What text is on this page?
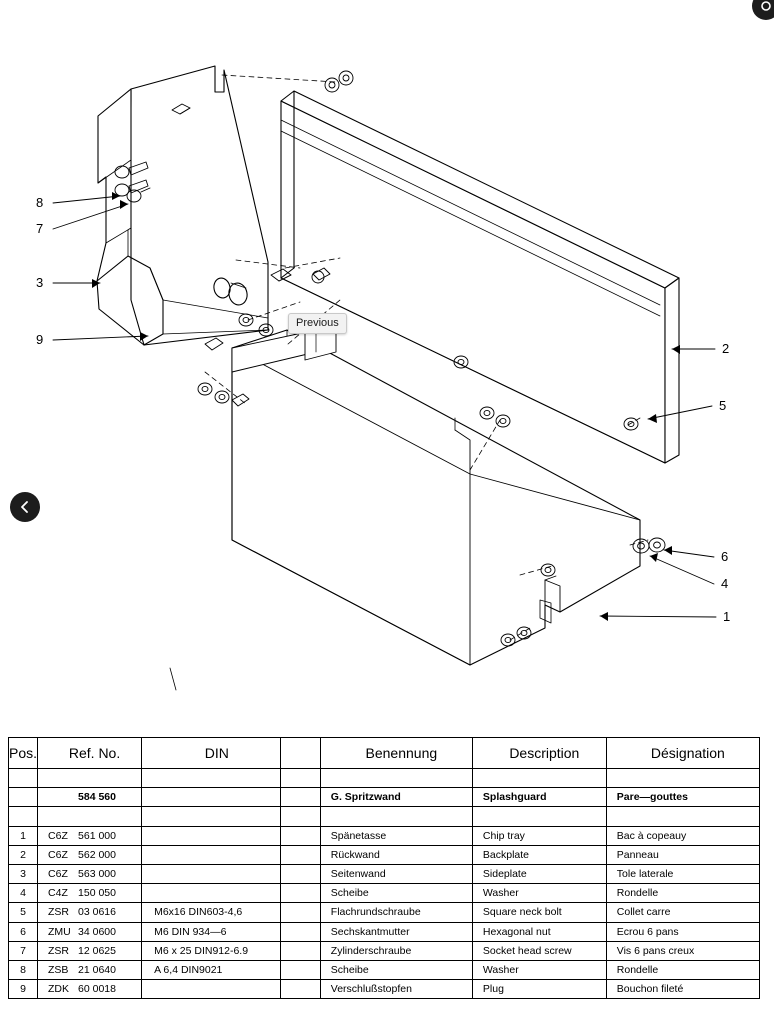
8
7
3
9
2
5
6
4
1
Previous
Pos.	Ref. No.	DIN		Benennung	Description	Désignation

	584 560			G. Spritzwand	Splashguard	Pare—gouttes

1	C6Z 561 000			Spänetasse	Chip tray	Bac à copeauy
2	C6Z 562 000			Rückwand	Backplate	Panneau
3	C6Z 563 000			Seitenwand	Sideplate	Tole laterale
4	C4Z 150 050			Scheibe	Washer	Rondelle
5	ZSR 03 0616	M6x16 DIN603-4,6		Flachrundschraube	Square neck bolt	Collet carre
6	ZMU 34 0600	M6 DIN 934—6		Sechskantmutter	Hexagonal nut	Ecrou 6 pans
7	ZSR 12 0625	M6 x 25 DIN912-6.9		Zylinderschraube	Socket head screw	Vis 6 pans creux
8	ZSB 21 0640	A 6,4 DIN9021		Scheibe	Washer	Rondelle
9	ZDK 60 0018			Verschlußstopfen	Plug	Bouchon fileté
